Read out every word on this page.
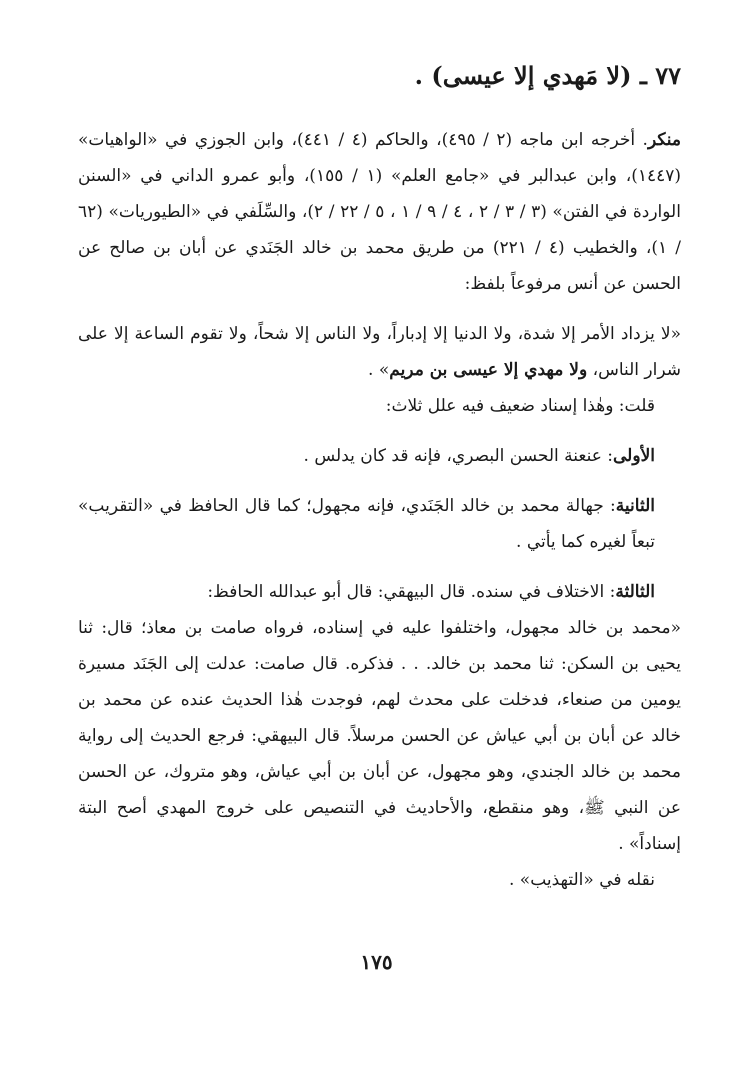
٧٧ ـ (لا مَهدي إلا عيسى) .

منكر. أخرجه ابن ماجه (٢ / ٤٩٥)، والحاكم (٤ / ٤٤١)، وابن الجوزي في «الواهيات» (١٤٤٧)، وابن عبدالبر في «جامع العلم» (١ / ١٥٥)، وأبو عمرو الداني في «السنن الواردة في الفتن» (٣ / ٣ / ٢ ، ٤ / ٩ / ١ ، ٥ / ٢٢ / ٢)، والسِّلَفي في «الطيوريات» (٦٢ / ١)، والخطيب (٤ / ٢٢١) من طريق محمد بن خالد الجَنَدي عن أبان بن صالح عن الحسن عن أنس مرفوعاً بلفظ:

«لا يزداد الأمر إلا شدة، ولا الدنيا إلا إدباراً، ولا الناس إلا شحاً، ولا تقوم الساعة إلا على شرار الناس، ولا مهدي إلا عيسى بن مريم» .

قلت: وهٰذا إسناد ضعيف فيه علل ثلاث:

الأولى: عنعنة الحسن البصري، فإنه قد كان يدلس .

الثانية: جهالة محمد بن خالد الجَنَدي، فإنه مجهول؛ كما قال الحافظ في «التقريب» تبعاً لغيره كما يأتي .

الثالثة: الاختلاف في سنده. قال البيهقي: قال أبو عبدالله الحافظ:

«محمد بن خالد مجهول، واختلفوا عليه في إسناده، فرواه صامت بن معاذ؛ قال: ثنا يحيى بن السكن: ثنا محمد بن خالد. . . فذكره. قال صامت: عدلت إلى الجَنَد مسيرة يومين من صنعاء، فدخلت على محدث لهم، فوجدت هٰذا الحديث عنده عن محمد بن خالد عن أبان بن أبي عياش عن الحسن مرسلاً. قال البيهقي: فرجع الحديث إلى رواية محمد بن خالد الجندي، وهو مجهول، عن أبان بن أبي عياش، وهو متروك، عن الحسن عن النبي ﷺ، وهو منقطع، والأحاديث في التنصيص على خروج المهدي أصح البتة إسناداً» .

نقله في «التهذيب» .

١٧٥
